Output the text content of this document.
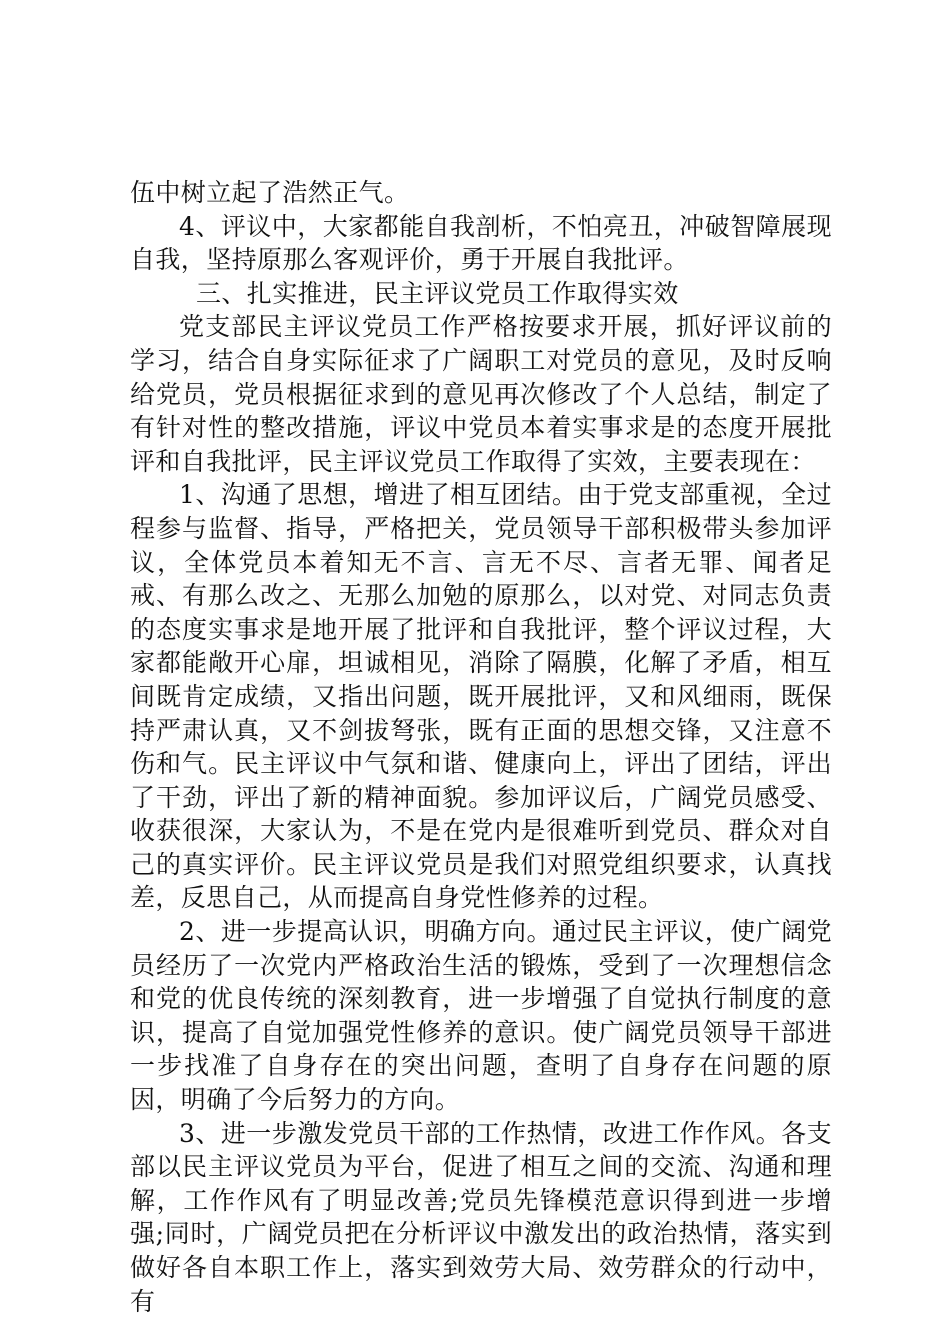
伍中树立起了浩然正气。

4、评议中，大家都能自我剖析，不怕亮丑，冲破智障展现自我，坚持原那么客观评价，勇于开展自我批评。

三、扎实推进，民主评议党员工作取得实效

党支部民主评议党员工作严格按要求开展，抓好评议前的学习，结合自身实际征求了广阔职工对党员的意见，及时反响给党员，党员根据征求到的意见再次修改了个人总结，制定了有针对性的整改措施，评议中党员本着实事求是的态度开展批评和自我批评，民主评议党员工作取得了实效，主要表现在：

1、沟通了思想，增进了相互团结。由于党支部重视，全过程参与监督、指导，严格把关，党员领导干部积极带头参加评议，全体党员本着知无不言、言无不尽、言者无罪、闻者足戒、有那么改之、无那么加勉的原那么，以对党、对同志负责的态度实事求是地开展了批评和自我批评，整个评议过程，大家都能敞开心扉，坦诚相见，消除了隔膜，化解了矛盾，相互间既肯定成绩，又指出问题，既开展批评，又和风细雨，既保持严肃认真，又不剑拔弩张，既有正面的思想交锋，又注意不伤和气。民主评议中气氛和谐、健康向上，评出了团结，评出了干劲，评出了新的精神面貌。参加评议后，广阔党员感受、收获很深，大家认为，不是在党内是很难听到党员、群众对自己的真实评价。民主评议党员是我们对照党组织要求，认真找差，反思自己，从而提高自身党性修养的过程。

2、进一步提高认识，明确方向。通过民主评议，使广阔党员经历了一次党内严格政治生活的锻炼，受到了一次理想信念和党的优良传统的深刻教育，进一步增强了自觉执行制度的意识，提高了自觉加强党性修养的意识。使广阔党员领导干部进一步找准了自身存在的突出问题，查明了自身存在问题的原因，明确了今后努力的方向。

3、进一步激发党员干部的工作热情，改进工作作风。各支部以民主评议党员为平台，促进了相互之间的交流、沟通和理解，工作作风有了明显改善;党员先锋模范意识得到进一步增强;同时，广阔党员把在分析评议中激发出的政治热情，落实到做好各自本职工作上，落实到效劳大局、效劳群众的行动中，有
